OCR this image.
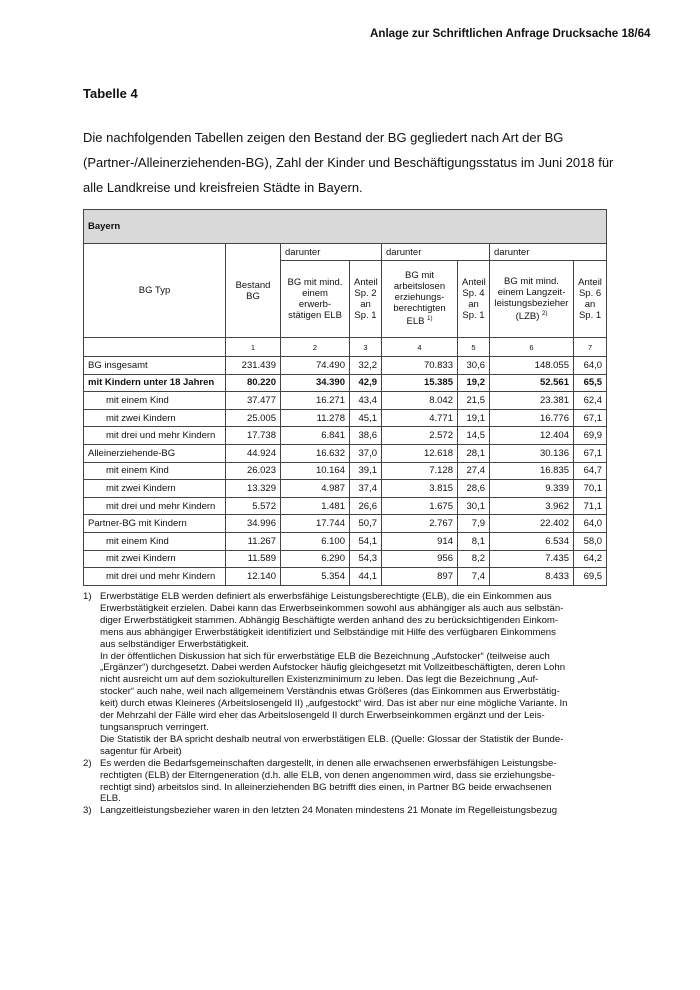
Anlage zur Schriftlichen Anfrage Drucksache 18/64
Tabelle 4
Die nachfolgenden Tabellen zeigen den Bestand der BG gegliedert nach Art der BG
(Partner-/Alleinerziehenden-BG), Zahl der Kinder und Beschäftigungsstatus im Juni 2018 für
alle Landkreise und kreisfreien Städte in Bayern.
Bayern							
BG Typ	Bestand BG	darunter		darunter		darunter	
		BG mit mind. einem erwerb-stätigen ELB	Anteil Sp. 2 an Sp. 1	BG mit arbeitslosen erziehungs-berechtigten ELB $^{1)}$	Anteil Sp. 4 an Sp. 1	BG mit mind. einem Langzeit-leistungsbezieher (LZB) $^{2)}$	Anteil Sp. 6 an Sp. 1
	1	2	3	4	5	6	7
BG insgesamt	231.439	74.490	32,2	70.833	30,6	148.055	64,0
mit Kindern unter 18 Jahren	80.220	34.390	42,9	15.385	19,2	52.561	65,5
mit einem Kind	37.477	16.271	43,4	8.042	21,5	23.381	62,4
mit zwei Kindern	25.005	11.278	45,1	4.771	19,1	16.776	67,1
mit drei und mehr Kindern	17.738	6.841	38,6	2.572	14,5	12.404	69,9
Alleinerziehende-BG	44.924	16.632	37,0	12.618	28,1	30.136	67,1
mit einem Kind	26.023	10.164	39,1	7.128	27,4	16.835	64,7
mit zwei Kindern	13.329	4.987	37,4	3.815	28,6	9.339	70,1
mit drei und mehr Kindern	5.572	1.481	26,6	1.675	30,1	3.962	71,1
Partner-BG mit Kindern	34.996	17.744	50,7	2.767	7,9	22.402	64,0
mit einem Kind	11.267	6.100	54,1	914	8,1	6.534	58,0
mit zwei Kindern	11.589	6.290	54,3	956	8,2	7.435	64,2
mit drei und mehr Kindern	12.140	5.354	44,1	897	7,4	8.433	69,5
1) Erwerbstätige ELB werden definiert als erwerbsfähige Leistungsberechtigte (ELB), die ein Einkommen aus
Erwerbstätigkeit erzielen. Dabei kann das Erwerbseinkommen sowohl aus abhängiger als auch aus selbstän-
diger Erwerbstätigkeit stammen. Abhängig Beschäftigte werden anhand des zu berücksichtigenden Einkom-
mens aus abhängiger Erwerbstätigkeit identifiziert und Selbständige mit Hilfe des verfügbaren Einkommens
aus selbständiger Erwerbstätigkeit.
In der öffentlichen Diskussion hat sich für erwerbstätige ELB die Bezeichnung „Aufstocker“ (teilweise auch
„Ergänzer“) durchgesetzt. Dabei werden Aufstocker häufig gleichgesetzt mit Vollzeitbeschäftigten, deren Lohn
nicht ausreicht um auf dem soziokulturellen Existenzminimum zu leben. Das legt die Bezeichnung „Auf-
stocker“ auch nahe, weil nach allgemeinem Verständnis etwas Größeres (das Einkommen aus Erwerbstätig-
keit) durch etwas Kleineres (Arbeitslosengeld II) „aufgestockt“ wird. Das ist aber nur eine mögliche Variante. In
der Mehrzahl der Fälle wird eher das Arbeitslosengeld II durch Erwerbseinkommen ergänzt und der Leis-
tungsanspruch verringert.
Die Statistik der BA spricht deshalb neutral von erwerbstätigen ELB. (Quelle: Glossar der Statistik der Bunde-
sagentur für Arbeit)
2) Es werden die Bedarfsgemeinschaften dargestellt, in denen alle erwachsenen erwerbsfähigen Leistungsbe-
rechtigten (ELB) der Elterngeneration (d.h. alle ELB, von denen angenommen wird, dass sie erziehungsbe-
rechtigt sind) arbeitslos sind. In alleinerziehenden BG betrifft dies einen, in Partner BG beide erwachsenen
ELB.
3) Langzeitleistungsbezieher waren in den letzten 24 Monaten mindestens 21 Monate im Regelleistungsbezug
